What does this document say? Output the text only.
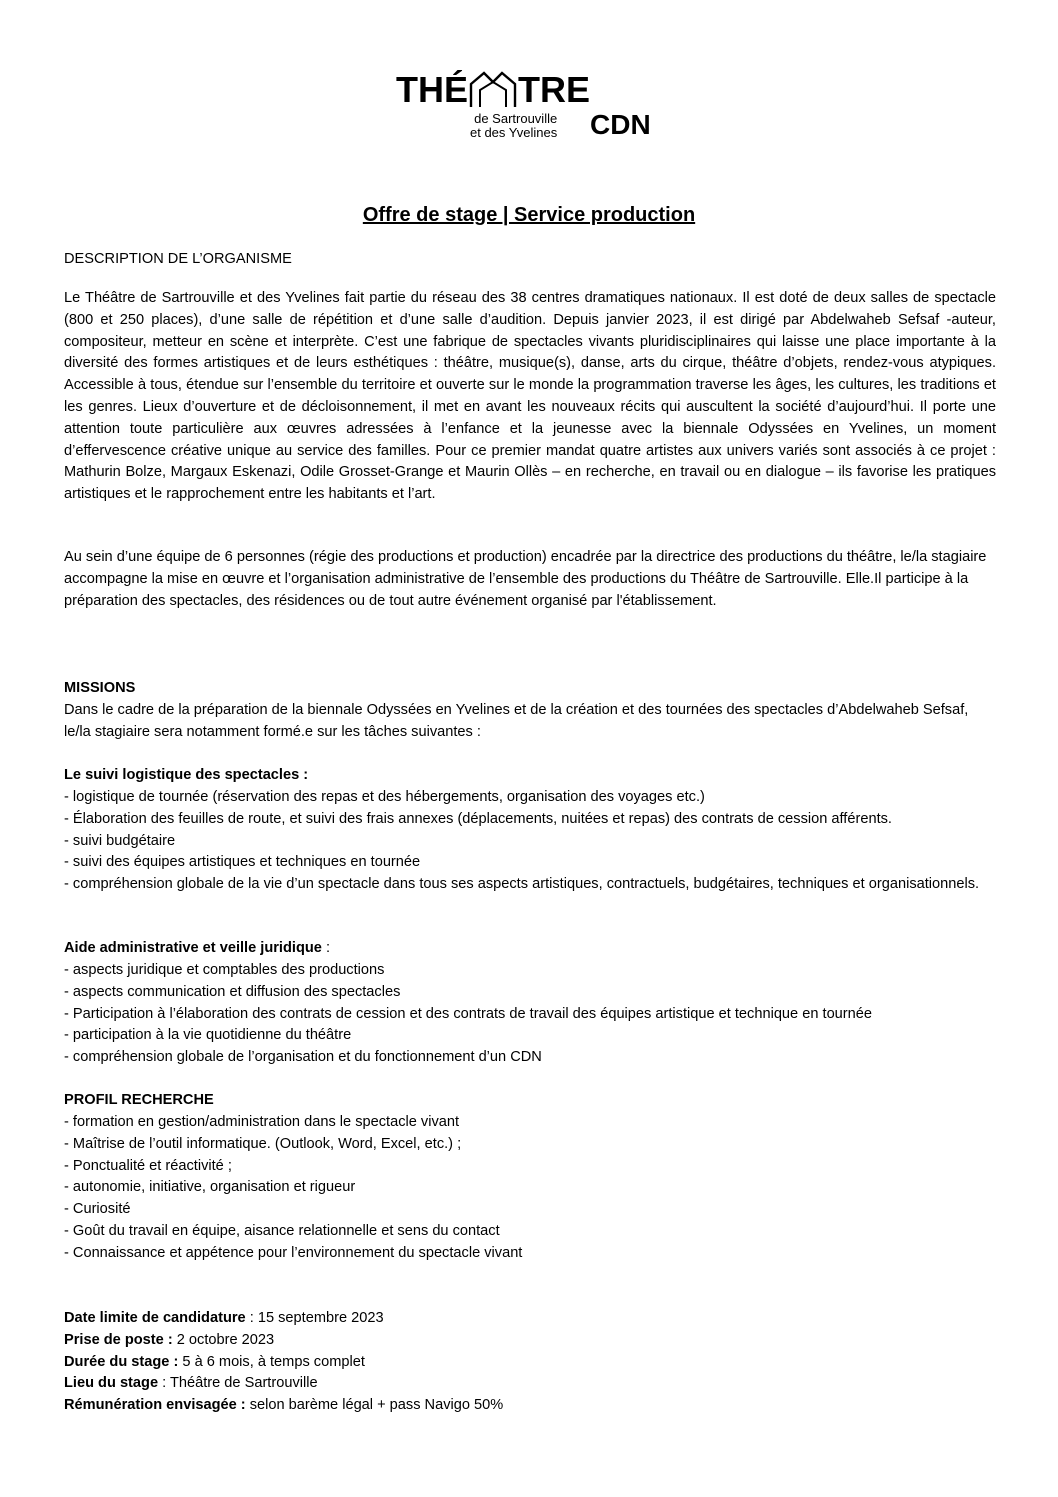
THÉ TRE
de Sartrouville
et des Yvelines CDN
Offre de stage | Service production
DESCRIPTION DE L’ORGANISME
Le Théâtre de Sartrouville et des Yvelines fait partie du réseau des 38 centres dramatiques nationaux. Il est doté de deux salles de spectacle (800 et 250 places), d’une salle de répétition et d’une salle d’audition. Depuis janvier 2023, il est dirigé par Abdelwaheb Sefsaf -auteur, compositeur, metteur en scène et interprète. C’est une fabrique de spectacles vivants pluridisciplinaires qui laisse une place importante à la diversité des formes artistiques et de leurs esthétiques : théâtre, musique(s), danse, arts du cirque, théâtre d’objets, rendez-vous atypiques. Accessible à tous, étendue sur l’ensemble du territoire et ouverte sur le monde la programmation traverse les âges, les cultures, les traditions et les genres. Lieux d’ouverture et de décloisonnement, il met en avant les nouveaux récits qui auscultent la société d’aujourd’hui. Il porte une attention toute particulière aux œuvres adressées à l’enfance et la jeunesse avec la biennale Odyssées en Yvelines, un moment d’effervescence créative unique au service des familles. Pour ce premier mandat quatre artistes aux univers variés sont associés à ce projet : Mathurin Bolze, Margaux Eskenazi, Odile Grosset-Grange et Maurin Ollès – en recherche, en travail ou en dialogue – ils favorise les pratiques artistiques et le rapprochement entre les habitants et l’art.
Au sein d’une équipe de 6 personnes (régie des productions et production) encadrée par la directrice des productions du théâtre, le/la stagiaire accompagne la mise en œuvre et l’organisation administrative de l’ensemble des productions du Théâtre de Sartrouville. Elle.Il participe à la préparation des spectacles, des résidences ou de tout autre événement organisé par l'établissement.
MISSIONS
Dans le cadre de la préparation de la biennale Odyssées en Yvelines et de la création et des tournées des spectacles d’Abdelwaheb Sefsaf, le/la stagiaire sera notamment formé.e sur les tâches suivantes :
Le suivi logistique des spectacles :
- logistique de tournée (réservation des repas et des hébergements, organisation des voyages etc.)
- Élaboration des feuilles de route, et suivi des frais annexes (déplacements, nuitées et repas) des contrats de cession afférents.
- suivi budgétaire
- suivi des équipes artistiques et techniques en tournée
- compréhension globale de la vie d’un spectacle dans tous ses aspects artistiques, contractuels, budgétaires, techniques et organisationnels.
Aide administrative et veille juridique :
- aspects juridique et comptables des productions
- aspects communication et diffusion des spectacles
- Participation à l’élaboration des contrats de cession et des contrats de travail des équipes artistique et technique en tournée
- participation à la vie quotidienne du théâtre
- compréhension globale de l’organisation et du fonctionnement d’un CDN
PROFIL RECHERCHE
- formation en gestion/administration dans le spectacle vivant
- Maîtrise de l’outil informatique. (Outlook, Word, Excel, etc.) ;
- Ponctualité et réactivité ;
- autonomie, initiative, organisation et rigueur
- Curiosité
- Goût du travail en équipe, aisance relationnelle et sens du contact
- Connaissance et appétence pour l’environnement du spectacle vivant
Date limite de candidature : 15 septembre 2023
Prise de poste : 2 octobre 2023
Durée du stage : 5 à 6 mois, à temps complet
Lieu du stage : Théâtre de Sartrouville
Rémunération envisagée : selon barème légal + pass Navigo 50%
